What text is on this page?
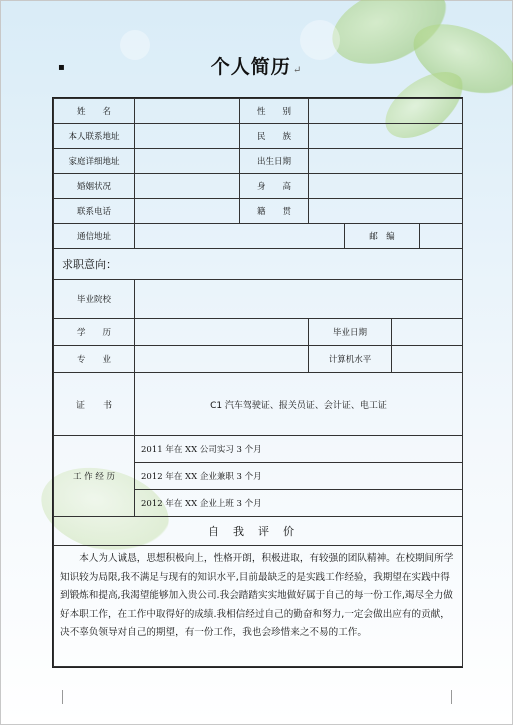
▪	个人简历 ↵
姓　　名		性　　别				
本人联系地址		民　　族				
家庭详细地址		出生日期				
婚姻状况		身　　高				
联系电话		籍　　贯				
通信地址				邮　编		
求职意向：						
毕业院校						
学　　历			毕业日期			
专　　业			计算机水平			
证　　书	C1 汽车驾驶证、报关员证、会计证、电工证					
工 作 经 历	2011 年在 XX 公司实习 3 个月					
	2012 年在 XX 企业兼职 3 个月					
	2012 年在 XX 企业上班 3 个月					
自我评价						
本人为人诚恳，思想积极向上，性格开朗，积极进取，有较强的团队精神。在校期间所学知识较为局限,我不满足与现有的知识水平,目前最缺乏的是实践工作经验，我期望在实践中得到锻炼和提高,我渴望能够加入贵公司.我会踏踏实实地做好属于自己的每一份工作,竭尽全力做好本职工作，在工作中取得好的成绩.我相信经过自己的勤奋和努力,一定会做出应有的贡献，决不辜负领导对自己的期望，有一份工作，我也会珍惜来之不易的工作。						
